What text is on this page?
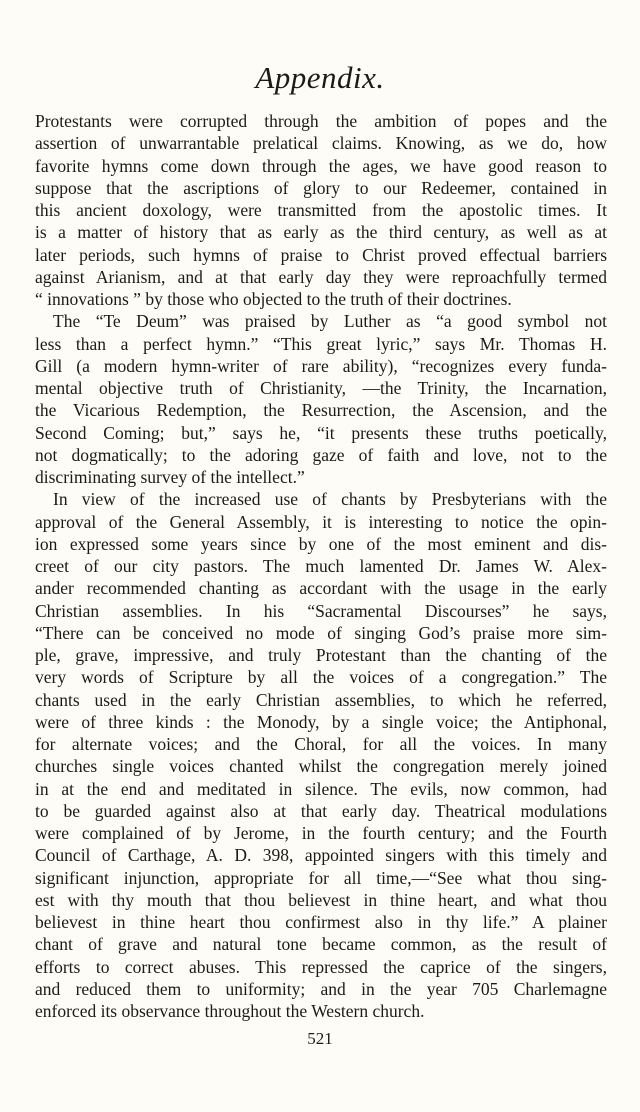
Appendix.
Protestants were corrupted through the ambition of popes and the
assertion of unwarrantable prelatical claims. Knowing, as we do, how
favorite hymns come down through the ages, we have good reason to
suppose that the ascriptions of glory to our Redeemer, contained in
this ancient doxology, were transmitted from the apostolic times. It
is a matter of history that as early as the third century, as well as at
later periods, such hymns of praise to Christ proved effectual barriers
against Arianism, and at that early day they were reproachfully termed
“ innovations ” by those who objected to the truth of their doctrines.
The “Te Deum” was praised by Luther as “a good symbol not
less than a perfect hymn.” “This great lyric,” says Mr. Thomas H.
Gill (a modern hymn-writer of rare ability), “recognizes every funda-
mental objective truth of Christianity, —the Trinity, the Incarnation,
the Vicarious Redemption, the Resurrection, the Ascension, and the
Second Coming; but,” says he, “it presents these truths poetically,
not dogmatically; to the adoring gaze of faith and love, not to the
discriminating survey of the intellect.”
In view of the increased use of chants by Presbyterians with the
approval of the General Assembly, it is interesting to notice the opin-
ion expressed some years since by one of the most eminent and dis-
creet of our city pastors. The much lamented Dr. James W. Alex-
ander recommended chanting as accordant with the usage in the early
Christian assemblies. In his “Sacramental Discourses” he says,
“There can be conceived no mode of singing God’s praise more sim-
ple, grave, impressive, and truly Protestant than the chanting of the
very words of Scripture by all the voices of a congregation.” The
chants used in the early Christian assemblies, to which he referred,
were of three kinds : the Monody, by a single voice; the Antiphonal,
for alternate voices; and the Choral, for all the voices. In many
churches single voices chanted whilst the congregation merely joined
in at the end and meditated in silence. The evils, now common, had
to be guarded against also at that early day. Theatrical modulations
were complained of by Jerome, in the fourth century; and the Fourth
Council of Carthage, A. D. 398, appointed singers with this timely and
significant injunction, appropriate for all time,—“See what thou sing-
est with thy mouth that thou believest in thine heart, and what thou
believest in thine heart thou confirmest also in thy life.” A plainer
chant of grave and natural tone became common, as the result of
efforts to correct abuses. This repressed the caprice of the singers,
and reduced them to uniformity; and in the year 705 Charlemagne
enforced its observance throughout the Western church.
521
